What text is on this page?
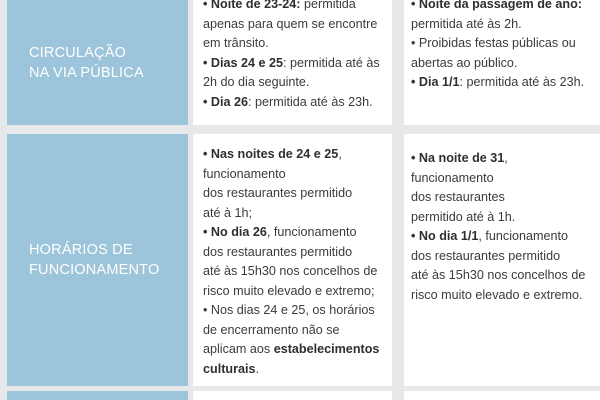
CIRCULAÇÃO
NA VIA PÚBLICA

• Noite de 23-24: permitida

apenas para quem se encontre

em trânsito.

• Dias 24 e 25: permitida até às

2h do dia seguinte.

• Dia 26: permitida até às 23h.

• Noite da passagem de ano:

permitida até às 2h.

• Proibidas festas públicas ou

abertas ao público.

• Dia 1/1: permitida até às 23h.

HORÁRIOS DE
FUNCIONAMENTO

• Nas noites de 24 e 25,

funcionamento

dos restaurantes permitido

até à 1h;

• No dia 26, funcionamento

dos restaurantes permitido

até às 15h30 nos concelhos de

risco muito elevado e extremo;

• Nos dias 24 e 25, os horários

de encerramento não se

aplicam aos estabelecimentos

culturais.

• Na noite de 31,

funcionamento

dos restaurantes

permitido até à 1h.

• No dia 1/1, funcionamento

dos restaurantes permitido

até às 15h30 nos concelhos de

risco muito elevado e extremo.
